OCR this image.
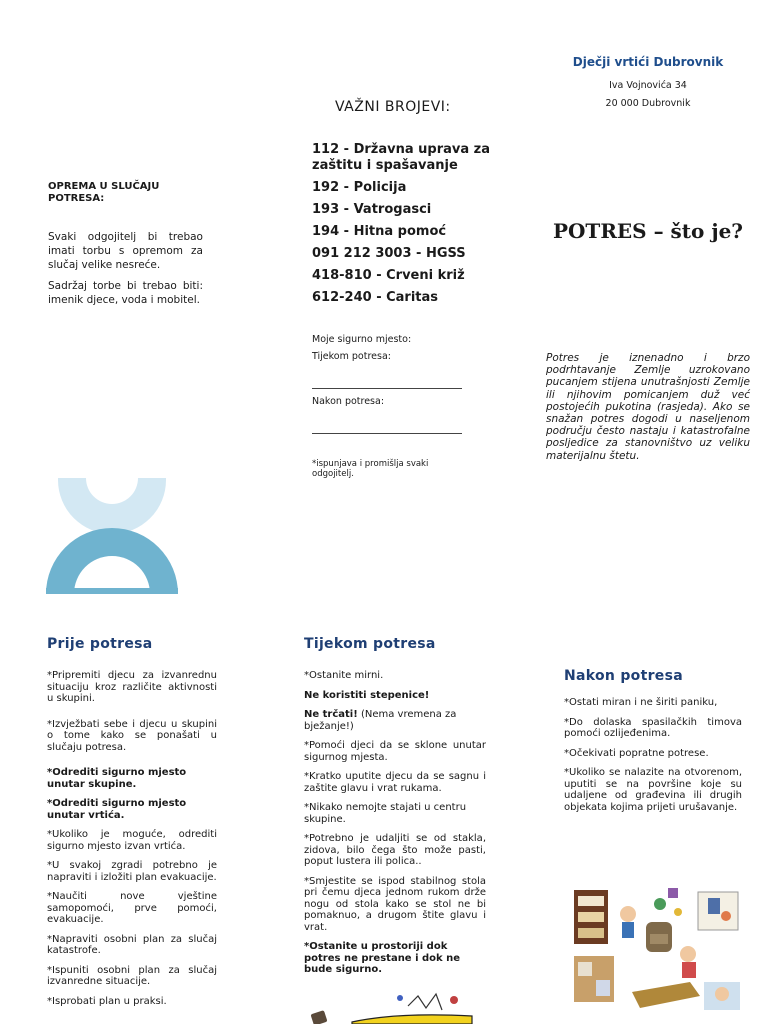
OPREMA U SLUČAJU POTRESA:

Svaki odgojitelj bi trebao imati torbu s opremom za slučaj velike nesreće.

Sadržaj torbe bi trebao biti: imenik djece, voda i mobitel.

VAŽNI BROJEVI:
112 - Državna uprava za zaštitu i spašavanje
192 - Policija
193 - Vatrogasci
194 - Hitna pomoć
091 212 3003 - HGSS
418-810 - Crveni križ
612-240 - Caritas
Moje sigurno mjesto:
Tijekom potresa:
Nakon potresa:
*ispunjava i promišlja svaki odgojitelj.
Dječji vrtići Dubrovnik
Iva Vojnovića 34
20 000 Dubrovnik
POTRES – što je?

Potres je iznenadno i brzo podrhtavanje Zemlje uzrokovano pucanjem stijena unutrašnjosti Zemlje ili njihovim pomicanjem duž već postojećih pukotina (rasjeda). Ako se snažan potres dogodi u naseljenom području često nastaju i katastrofalne posljedice za stanovništvo uz veliku materijalnu štetu.

Prije potresa

*Pripremiti djecu za izvanrednu situaciju kroz različite aktivnosti u skupini.

*Izvježbati sebe i djecu u skupini o tome kako se ponašati u slučaju potresa.

*Odrediti sigurno mjesto unutar skupine.

*Odrediti sigurno mjesto unutar vrtića.

*Ukoliko je moguće, odrediti sigurno mjesto izvan vrtića.

*U svakoj zgradi potrebno je napraviti i izložiti plan evakuacije.

*Naučiti nove vještine samopomoći, prve pomoći, evakuacije.

*Napraviti osobni plan za slučaj katastrofe.

*Ispuniti osobni plan za slučaj izvanredne situacije.

*Isprobati plan u praksi.

Tijekom potresa

*Ostanite mirni.

Ne koristiti stepenice!

Ne trčati! (Nema vremena za bježanje!)

*Pomoći djeci da se sklone unutar sigurnog mjesta.

*Kratko uputite djecu da se sagnu i zaštite glavu i vrat rukama.

*Nikako nemojte stajati u centru skupine.

*Potrebno je udaljiti se od stakla, zidova, bilo čega što može pasti, poput lustera ili polica..

*Smjestite se ispod stabilnog stola pri čemu djeca jednom rukom drže nogu od stola kako se stol ne bi pomaknuo, a drugom štite glavu i vrat.

*Ostanite u prostoriji dok potres ne prestane i dok ne bude sigurno.

Nakon potresa

*Ostati miran i ne širiti paniku,

*Do dolaska spasilačkih timova pomoći ozlijeđenima.

*Očekivati popratne potrese.

*Ukoliko se nalazite na otvorenom, uputiti se na površine koje su udaljene od građevina ili drugih objekata kojima prijeti urušavanje.
